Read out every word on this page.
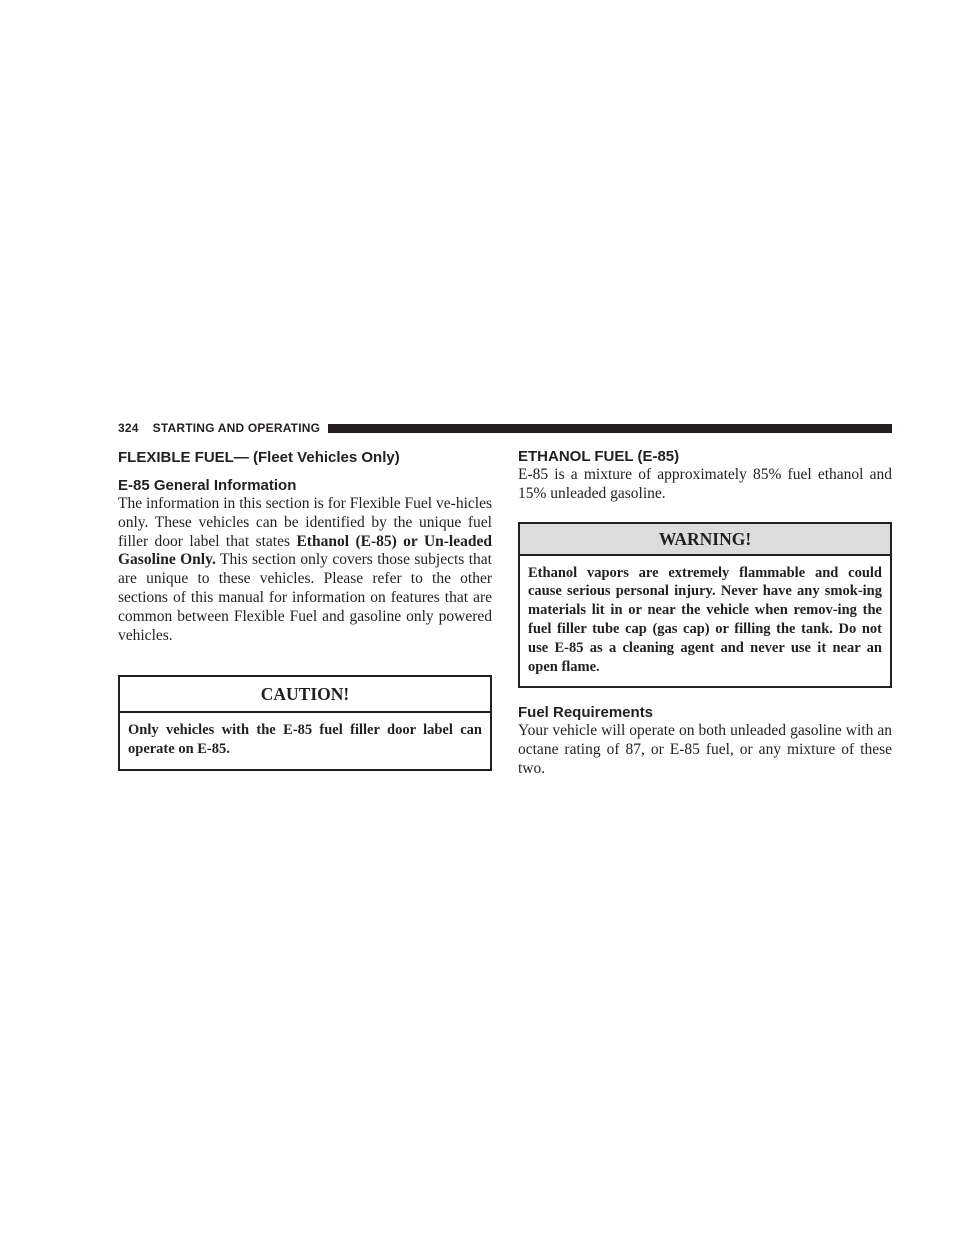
324 STARTING AND OPERATING
FLEXIBLE FUEL— (Fleet Vehicles Only)
E-85 General Information

The information in this section is for Flexible Fuel ve-hicles only. These vehicles can be identified by the unique fuel filler door label that states Ethanol (E-85) or Un-leaded Gasoline Only. This section only covers those subjects that are unique to these vehicles. Please refer to the other sections of this manual for information on features that are common between Flexible Fuel and gasoline only powered vehicles.

CAUTION!
Only vehicles with the E-85 fuel filler door label can operate on E-85.
ETHANOL FUEL (E-85)

E-85 is a mixture of approximately 85% fuel ethanol and 15% unleaded gasoline.

WARNING!
Ethanol vapors are extremely flammable and could cause serious personal injury. Never have any smok-ing materials lit in or near the vehicle when remov-ing the fuel filler tube cap (gas cap) or filling the tank. Do not use E-85 as a cleaning agent and never use it near an open flame.
Fuel Requirements

Your vehicle will operate on both unleaded gasoline with an octane rating of 87, or E-85 fuel, or any mixture of these two.
